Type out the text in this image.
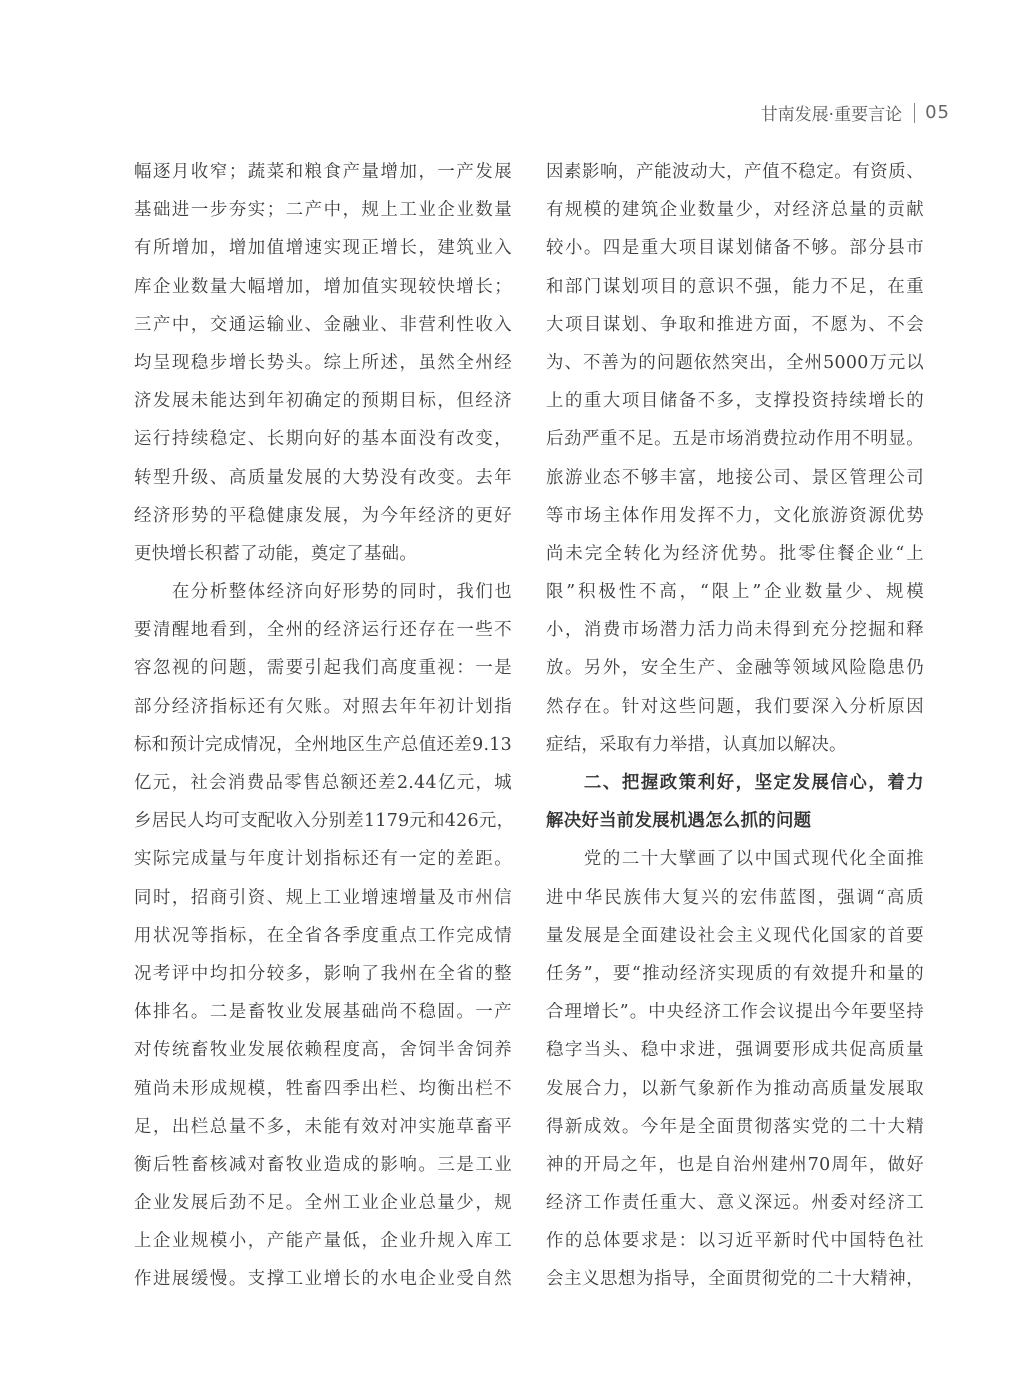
甘南发展·重要言论 05
幅逐月收窄；蔬菜和粮食产量增加，一产发展
基础进一步夯实；二产中，规上工业企业数量
有所增加，增加值增速实现正增长，建筑业入
库企业数量大幅增加，增加值实现较快增长；
三产中，交通运输业、金融业、非营利性收入
均呈现稳步增长势头。综上所述，虽然全州经
济发展未能达到年初确定的预期目标，但经济
运行持续稳定、长期向好的基本面没有改变，
转型升级、高质量发展的大势没有改变。去年
经济形势的平稳健康发展，为今年经济的更好
更快增长积蓄了动能，奠定了基础。
　　在分析整体经济向好形势的同时，我们也
要清醒地看到，全州的经济运行还存在一些不
容忽视的问题，需要引起我们高度重视：一是
部分经济指标还有欠账。对照去年年初计划指
标和预计完成情况，全州地区生产总值还差9.13
亿元，社会消费品零售总额还差2.44亿元，城
乡居民人均可支配收入分别差1179元和426元，
实际完成量与年度计划指标还有一定的差距。
同时，招商引资、规上工业增速增量及市州信
用状况等指标，在全省各季度重点工作完成情
况考评中均扣分较多，影响了我州在全省的整
体排名。二是畜牧业发展基础尚不稳固。一产
对传统畜牧业发展依赖程度高，舍饲半舍饲养
殖尚未形成规模，牲畜四季出栏、均衡出栏不
足，出栏总量不多，未能有效对冲实施草畜平
衡后牲畜核减对畜牧业造成的影响。三是工业
企业发展后劲不足。全州工业企业总量少，规
上企业规模小，产能产量低，企业升规入库工
作进展缓慢。支撑工业增长的水电企业受自然
因素影响，产能波动大，产值不稳定。有资质、
有规模的建筑企业数量少，对经济总量的贡献
较小。四是重大项目谋划储备不够。部分县市
和部门谋划项目的意识不强，能力不足，在重
大项目谋划、争取和推进方面，不愿为、不会
为、不善为的问题依然突出，全州5000万元以
上的重大项目储备不多，支撑投资持续增长的
后劲严重不足。五是市场消费拉动作用不明显。
旅游业态不够丰富，地接公司、景区管理公司
等市场主体作用发挥不力，文化旅游资源优势
尚未完全转化为经济优势。批零住餐企业“上
限”积极性不高，“限上”企业数量少、规模
小，消费市场潜力活力尚未得到充分挖掘和释
放。另外，安全生产、金融等领域风险隐患仍
然存在。针对这些问题，我们要深入分析原因
症结，采取有力举措，认真加以解决。
　　二、把握政策利好，坚定发展信心，着力
解决好当前发展机遇怎么抓的问题
　　党的二十大擘画了以中国式现代化全面推
进中华民族伟大复兴的宏伟蓝图，强调“高质
量发展是全面建设社会主义现代化国家的首要
任务”，要“推动经济实现质的有效提升和量的
合理增长”。中央经济工作会议提出今年要坚持
稳字当头、稳中求进，强调要形成共促高质量
发展合力，以新气象新作为推动高质量发展取
得新成效。今年是全面贯彻落实党的二十大精
神的开局之年，也是自治州建州70周年，做好
经济工作责任重大、意义深远。州委对经济工
作的总体要求是：以习近平新时代中国特色社
会主义思想为指导，全面贯彻党的二十大精神，
